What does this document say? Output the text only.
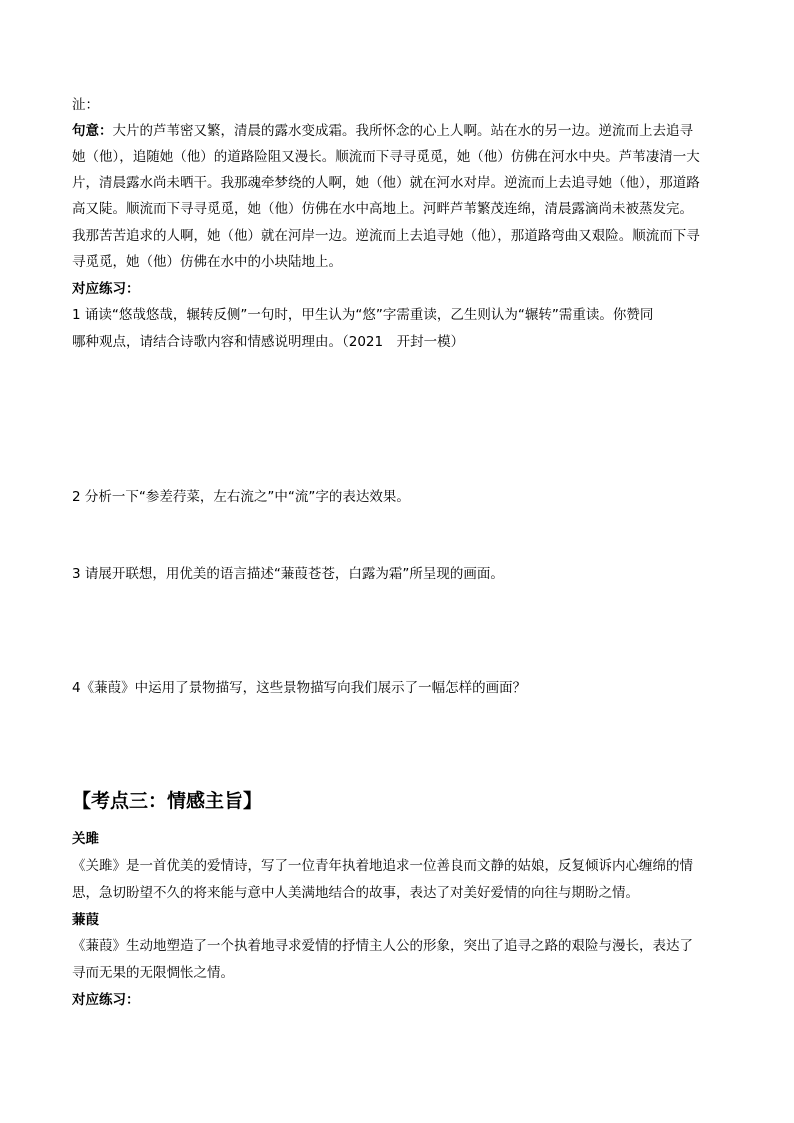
沚：
句意：大片的芦苇密又繁，清晨的露水变成霜。我所怀念的心上人啊。站在水的另一边。逆流而上去追寻
她（他），追随她（他）的道路险阻又漫长。顺流而下寻寻觅觅，她（他）仿佛在河水中央。芦苇凄清一大
片，清晨露水尚未晒干。我那魂牵梦绕的人啊，她（他）就在河水对岸。逆流而上去追寻她（他），那道路
高又陡。顺流而下寻寻觅觅，她（他）仿佛在水中高地上。河畔芦苇繁茂连绵，清晨露滴尚未被蒸发完。
我那苦苦追求的人啊，她（他）就在河岸一边。逆流而上去追寻她（他），那道路弯曲又艰险。顺流而下寻
寻觅觅，她（他）仿佛在水中的小块陆地上。
对应练习：
1 诵读“悠哉悠哉，辗转反侧”一句时，甲生认为“悠”字需重读，乙生则认为“辗转”需重读。你赞同
哪种观点，请结合诗歌内容和情感说明理由。（2021　开封一模）
2 分析一下“参差荇菜，左右流之”中“流”字的表达效果。
3 请展开联想，用优美的语言描述“蒹葭苍苍，白露为霜”所呈现的画面。
4《蒹葭》中运用了景物描写，这些景物描写向我们展示了一幅怎样的画面？
【考点三：情感主旨】
关雎
《关雎》是一首优美的爱情诗，写了一位青年执着地追求一位善良而文静的姑娘，反复倾诉内心缠绵的情
思，急切盼望不久的将来能与意中人美满地结合的故事，表达了对美好爱情的向往与期盼之情。
蒹葭
《蒹葭》生动地塑造了一个执着地寻求爱情的抒情主人公的形象，突出了追寻之路的艰险与漫长，表达了
寻而无果的无限惆怅之情。
对应练习：
